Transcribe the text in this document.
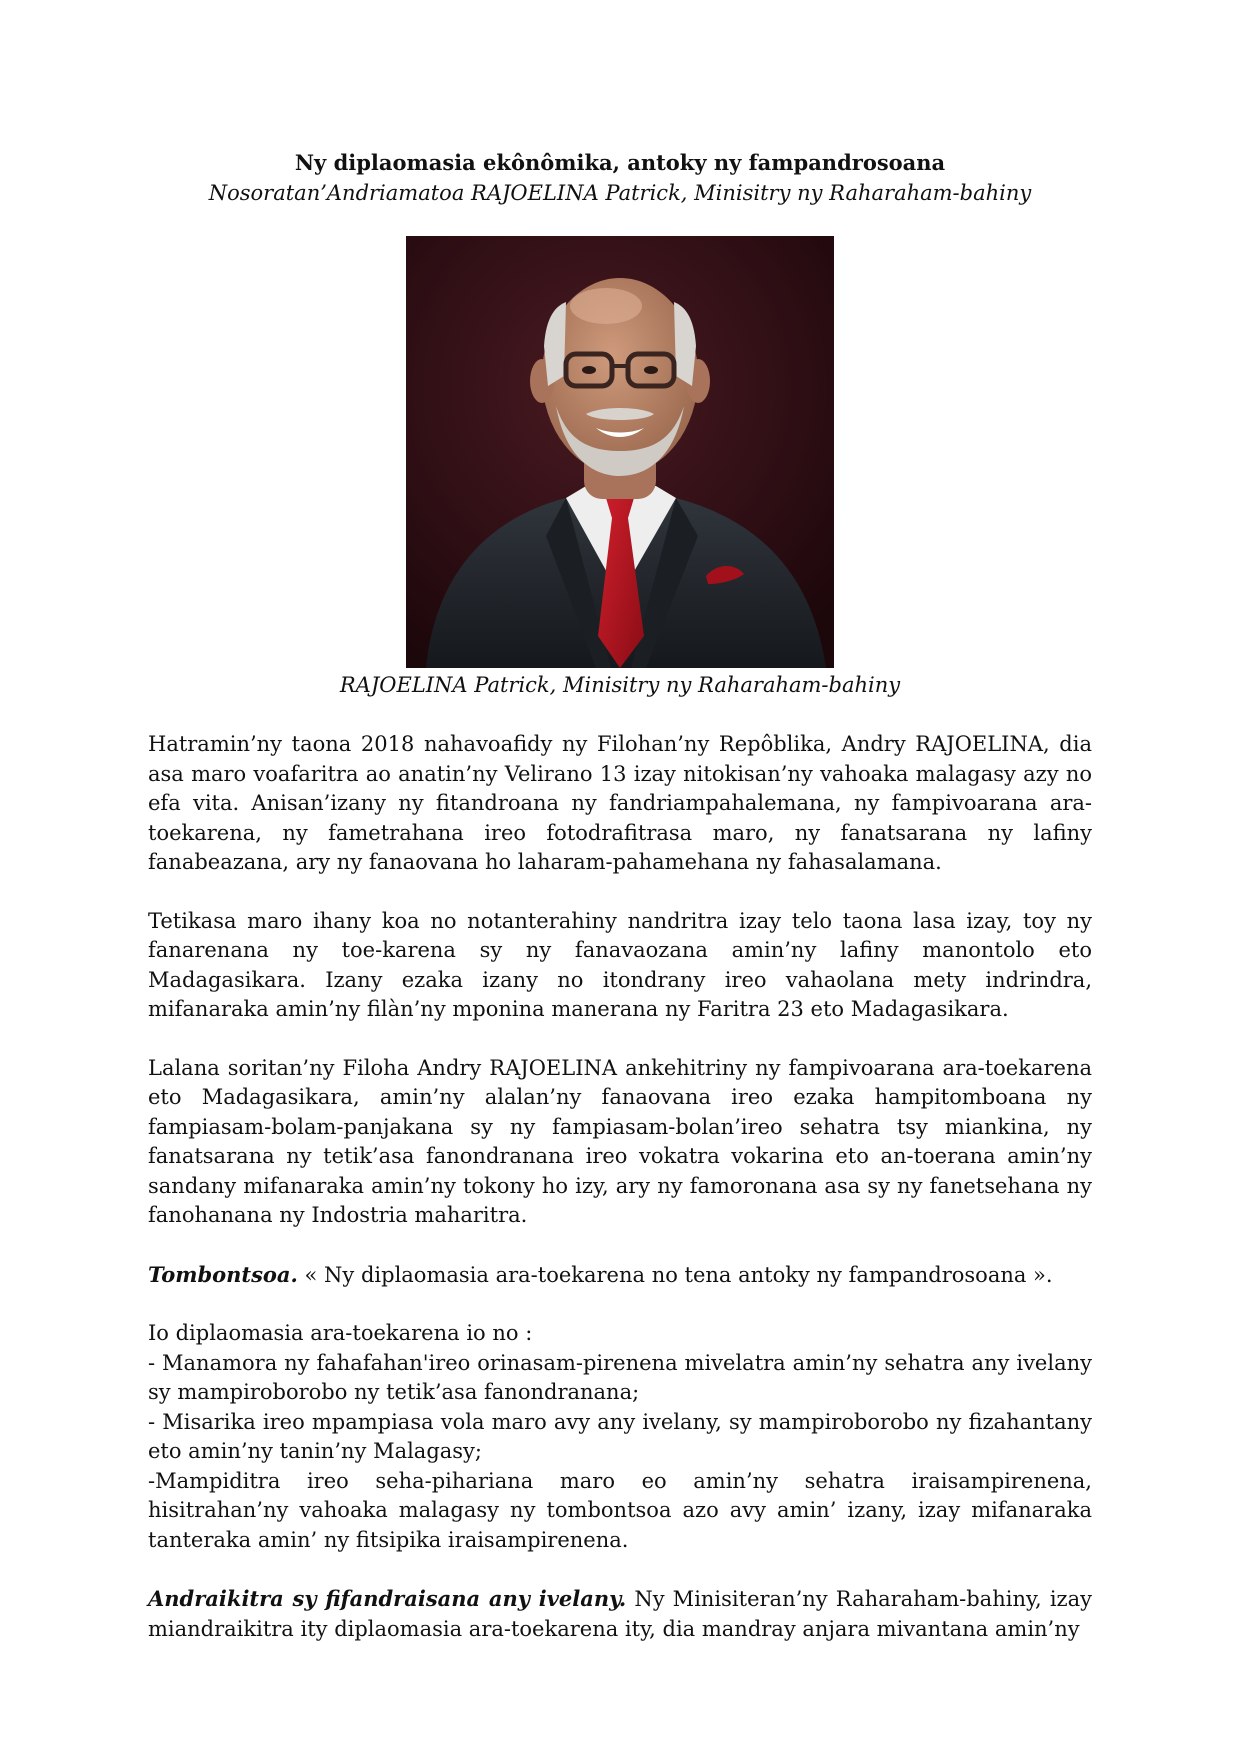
Ny diplaomasia ekônômika, antoky ny fampandrosoana

Nosoratan’Andriamatoa RAJOELINA Patrick, Minisitry ny Raharaham-bahiny

RAJOELINA Patrick, Minisitry ny Raharaham-bahiny

Hatramin’ny taona 2018 nahavoafidy ny Filohan’ny Repôblika, Andry RAJOELINA, dia asa maro voafaritra ao anatin’ny Velirano 13 izay nitokisan’ny vahoaka malagasy azy no efa vita. Anisan’izany ny fitandroana ny fandriampahalemana, ny fampivoarana ara-toekarena, ny fametrahana ireo fotodrafitrasa maro, ny fanatsarana ny lafiny fanabeazana, ary ny fanaovana ho laharam-pahamehana ny fahasalamana.

Tetikasa maro ihany koa no notanterahiny nandritra izay telo taona lasa izay, toy ny fanarenana ny toe-karena sy ny fanavaozana amin’ny lafiny manontolo eto Madagasikara. Izany ezaka izany no itondrany ireo vahaolana mety indrindra, mifanaraka amin’ny filàn’ny mponina manerana ny Faritra 23 eto Madagasikara.

Lalana soritan’ny Filoha Andry RAJOELINA ankehitriny ny fampivoarana ara-toekarena eto Madagasikara, amin’ny alalan’ny fanaovana ireo ezaka hampitomboana ny fampiasam-bolam-panjakana sy ny fampiasam-bolan’ireo sehatra tsy miankina, ny fanatsarana ny tetik’asa fanondranana ireo vokatra vokarina eto an-toerana amin’ny sandany mifanaraka amin’ny tokony ho izy, ary ny famoronana asa sy ny fanetsehana ny fanohanana ny Indostria maharitra.

Tombontsoa. « Ny diplaomasia ara-toekarena no tena antoky ny fampandrosoana ».

Io diplaomasia ara-toekarena io no :

- Manamora ny fahafahan'ireo orinasam-pirenena mivelatra amin’ny sehatra any ivelany sy mampiroborobo ny tetik’asa fanondranana;

- Misarika ireo mpampiasa vola maro avy any ivelany, sy mampiroborobo ny fizahantany eto amin’ny tanin’ny Malagasy;

-Mampiditra ireo seha-pihariana maro eo amin’ny sehatra iraisampirenena, hisitrahan’ny vahoaka malagasy ny tombontsoa azo avy amin’ izany, izay mifanaraka tanteraka amin’ ny fitsipika iraisampirenena.

Andraikitra sy fifandraisana any ivelany. Ny Minisiteran’ny Raharaham-bahiny, izay miandraikitra ity diplaomasia ara-toekarena ity, dia mandray anjara mivantana amin’ny
